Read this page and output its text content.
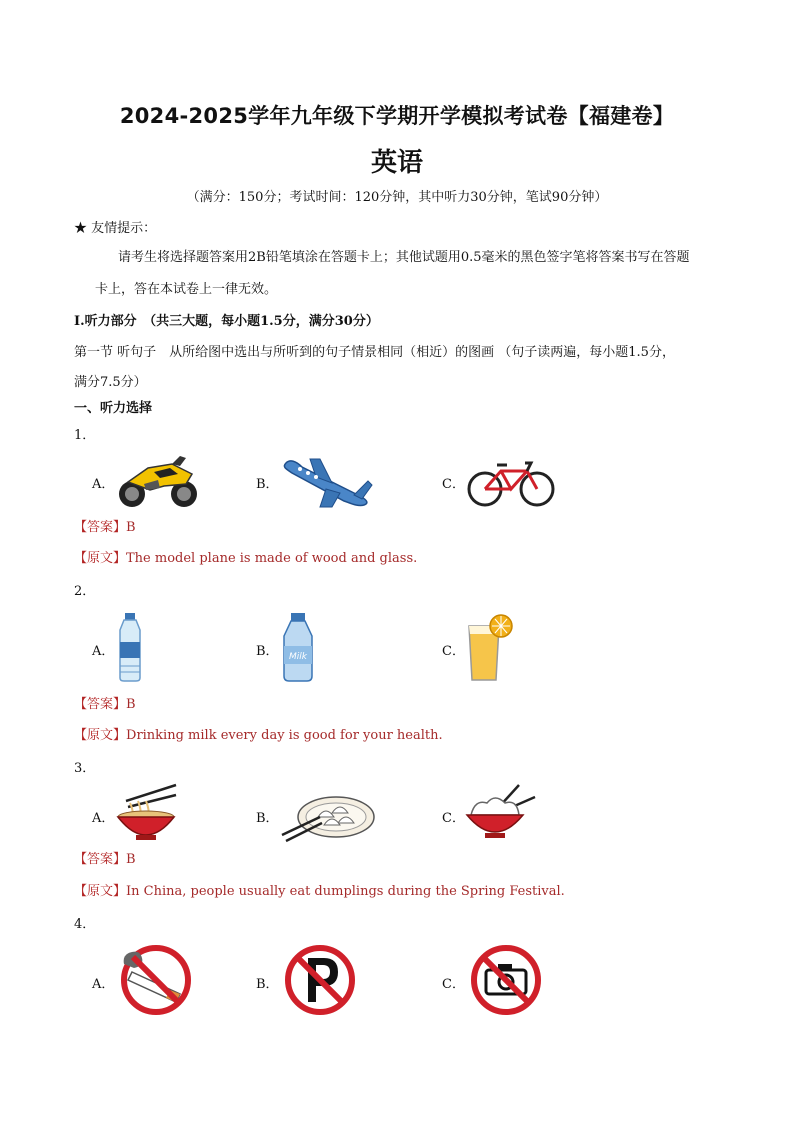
2024-2025学年九年级下学期开学模拟考试卷【福建卷】
英语
（满分：150分；考试时间：120分钟，其中听力30分钟，笔试90分钟）
★ 友情提示：
请考生将选择题答案用2B铅笔填涂在答题卡上；其他试题用0.5毫米的黑色签字笔将答案书写在答题
卡上，答在本试卷上一律无效。
I.听力部分　（共三大题，每小题1.5分，满分30分）
第一节 听句子　从所给图中选出与所听到的句子情景相同（相近）的图画 （句子读两遍，每小题1.5分，
满分7.5分）
一、听力选择
1．
A．	B．	C．
【答案】B
【原文】The model plane is made of wood and glass.
2．
A．	B．	C．
Milk
【答案】B
【原文】Drinking milk every day is good for your health.
3．
A．	B．	C．
【答案】B
【原文】In China, people usually eat dumplings during the Spring Festival.
4．
A．	B．	C．
